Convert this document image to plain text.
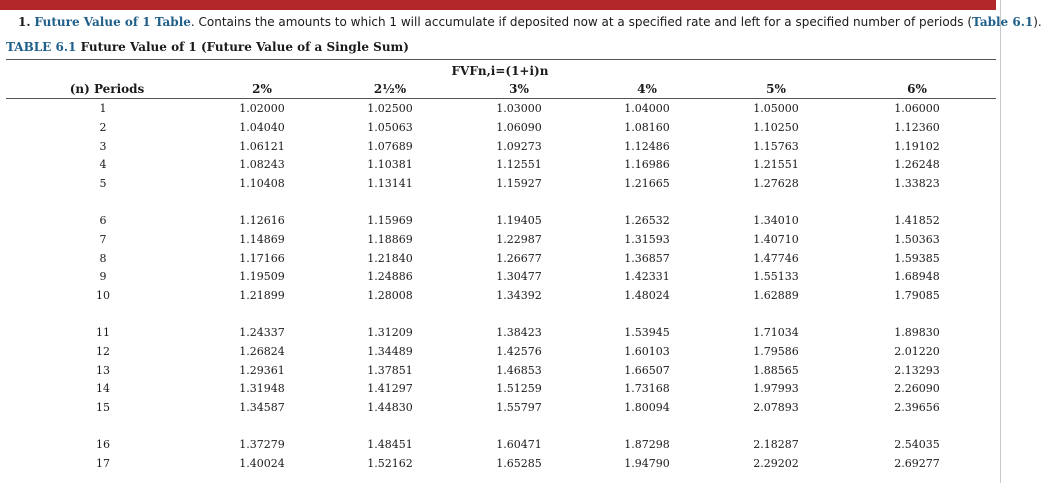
1. Future Value of 1 Table. Contains the amounts to which 1 will accumulate if deposited now at a specified rate and left for a specified number of periods (Table 6.1).
TABLE 6.1 Future Value of 1 (Future Value of a Single Sum)
FVFn,i=(1+i)n
(n) Periods	2%	2½%	3%	4%	5%	6%
1	1.02000	1.02500	1.03000	1.04000	1.05000	1.06000
2	1.04040	1.05063	1.06090	1.08160	1.10250	1.12360
3	1.06121	1.07689	1.09273	1.12486	1.15763	1.19102
4	1.08243	1.10381	1.12551	1.16986	1.21551	1.26248
5	1.10408	1.13141	1.15927	1.21665	1.27628	1.33823
6	1.12616	1.15969	1.19405	1.26532	1.34010	1.41852
7	1.14869	1.18869	1.22987	1.31593	1.40710	1.50363
8	1.17166	1.21840	1.26677	1.36857	1.47746	1.59385
9	1.19509	1.24886	1.30477	1.42331	1.55133	1.68948
10	1.21899	1.28008	1.34392	1.48024	1.62889	1.79085
11	1.24337	1.31209	1.38423	1.53945	1.71034	1.89830
12	1.26824	1.34489	1.42576	1.60103	1.79586	2.01220
13	1.29361	1.37851	1.46853	1.66507	1.88565	2.13293
14	1.31948	1.41297	1.51259	1.73168	1.97993	2.26090
15	1.34587	1.44830	1.55797	1.80094	2.07893	2.39656
16	1.37279	1.48451	1.60471	1.87298	2.18287	2.54035
17	1.40024	1.52162	1.65285	1.94790	2.29202	2.69277
